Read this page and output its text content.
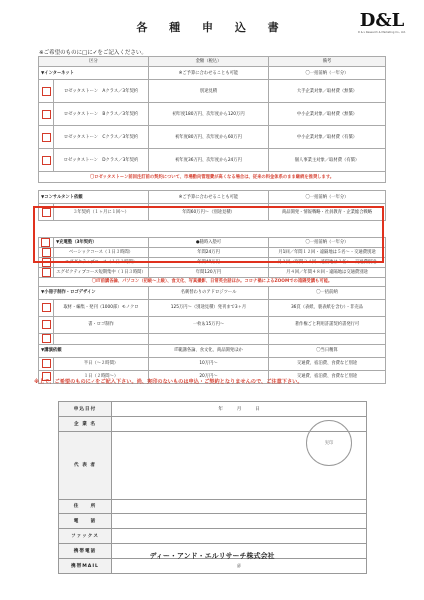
各 種 申 込 書	D&L
D & L Research & Marketing Co., Ltd.
※ご希望のものに□に✓をご記入ください。
区分		金額（税込）	備考
▼インターネット		※ご予算に合わせることも可能	〇一括前納（一年分）
	ロゼッタストーン　Aクラス／3年契約	別途見積	大手企業対象／取材費（無償）
	ロゼッタストーン　Bクラス／3年契約	初年度180万円、次年度から120万円	中小企業対象／取材費（無償）
	ロゼッタストーン　Cクラス／3年契約	初年度80万円、次年度から60万円	中小企業対象／取材費（有償）
	ロゼッタストーン　Dクラス／3年契約	初年度36万円、次年度から24万円	個人事業主対象／取材費（有償）
〇ロゼッタストーン前回注訂前の契約について、市場動向管理費が高くなる場合は、従来の料金体系のまま継続を推奨します。			

▼コンサルタント依頼		※ご予算に合わせることも可能	〇一括前納（一年分）
	３年契約（１ヶ月に１回〜）	年間60万円〜（別途見積）	商品開発・情報戦略・社員教育・企業総合戦略

	▼充電塾（3年契約）	●随時入塾可	〇一括前納（一年分）
	ベーシックコース（１日３時間）	年間24万円	月1回／年間１２回・遠隔地は５名〜・交通費別途
	エグゼクティブコース（１日３時間）	年間48万円	月２回／年間２４回・遠隔地は３名〜・交通費別途
	エグゼクティブコース短期集中（１日３時間）	年間120万円	月４回／年間４８回・遠隔地は交通費別途
〇IT前講各論、パソコン（初級〜上級）、食文化、写真撮影、日常英会話ほか。コロナ禍によるZOOMでの遠隔受講も可能。			
▼小冊子制作・ロゴデザイン		名刺替わりのアドロジツール	〇一括前納
	取材・編集・発刊（1000部）モノクロ	125万円〜（別途見積）発刊まで3ヶ月	36頁（表紙、裏表紙を含む）・非売品
	書・ロゴ制作	一枚＆15万円〜	著作権ごと利用許諾契約書発行可

▼講演依頼		IT範講各論、食文化、商品開発ほか	〇当日精算
	半日（〜２時間）	10万円〜	交通費、宿泊費、食費など別途
	１日（２時間〜）	20万円〜	交通費、宿泊費、食費など別途
※上で、ご希望のものに✓をご記入下さい。尚、実印のないものは申込・ご契約となりませんので、ご注意下さい。
申込日付	年　　　月　　　日
企 業 名	
代 表 者	
住　　所	
電　　話	
ファックス	
携帯電話	
携帯MAIL	＠
実印
ディー・アンド・エルリサーチ株式会社
